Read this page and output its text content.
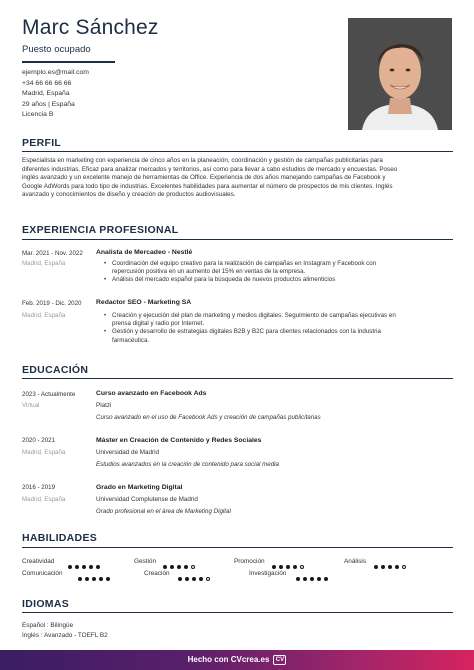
Marc Sánchez
Puesto ocupado
ejemplo.es@mail.com
+34 66 66 66 66
Madrid, España
29 años | España
Licencia B
PERFIL
Especialista en marketing con experiencia de cinco años en la planeación, coordinación y gestión de campañas publicitarias para
diferentes industrias. Eficaz para analizar mercados y territorios, así como para llevar a cabo estudios de mercado y encuestas. Poseo
inglés avanzado y un excelente manejo de herramientas de Office. Experiencia de dos años manejando campañas de Facebook y
Google AdWords para todo tipo de industrias. Excelentes habilidades para aumentar el número de prospectos de mis clientes. Inglés
avanzado y conocimientos de diseño y creación de productos audiovisuales.
EXPERIENCIA PROFESIONAL
Mar. 2021 - Nov. 2022
Madrid, España
Analista de Mercadeo - Nestlé
• Coordinación del equipo creativo para la realización de campañas en Instagram y Facebook con
repercusión positiva en un aumento del 15% en ventas de la empresa.
• Análisis del mercado español para la búsqueda de nuevos productos alimenticios
Feb. 2019 - Dic. 2020
Madrid, España
Redactor SEO - Marketing SA
• Creación y ejecución del plan de marketing y medios digitales. Seguimiento de campañas ejecutivas en
prensa digital y radio por Internet.
• Gestión y desarrollo de estrategias digitales B2B y B2C para clientes relacionados con la industria
farmacéutica.
EDUCACIÓN
2023 - Actualmente
Virtual
Curso avanzado en Facebook Ads
Platzi
Curso avanzado en el uso de Facebook Ads y creación de campañas publicitarias
2020 - 2021
Madrid, España
Máster en Creación de Contenido y Redes Sociales
Universidad de Madrid
Estudios avanzados en la creación de contenido para social media
2016 - 2019
Madrid, España
Grado en Marketing Digital
Universidad Complutense de Madrid
Grado profesional en el área de Marketing Digital
HABILIDADES
Creatividad	Gestión	Promoción	Análisis
Comunicación	Creación	Investigación
IDIOMAS
Español : Bilingüe
Inglés : Avanzado - TOEFL B2
Hecho con CVcrea.es CV
